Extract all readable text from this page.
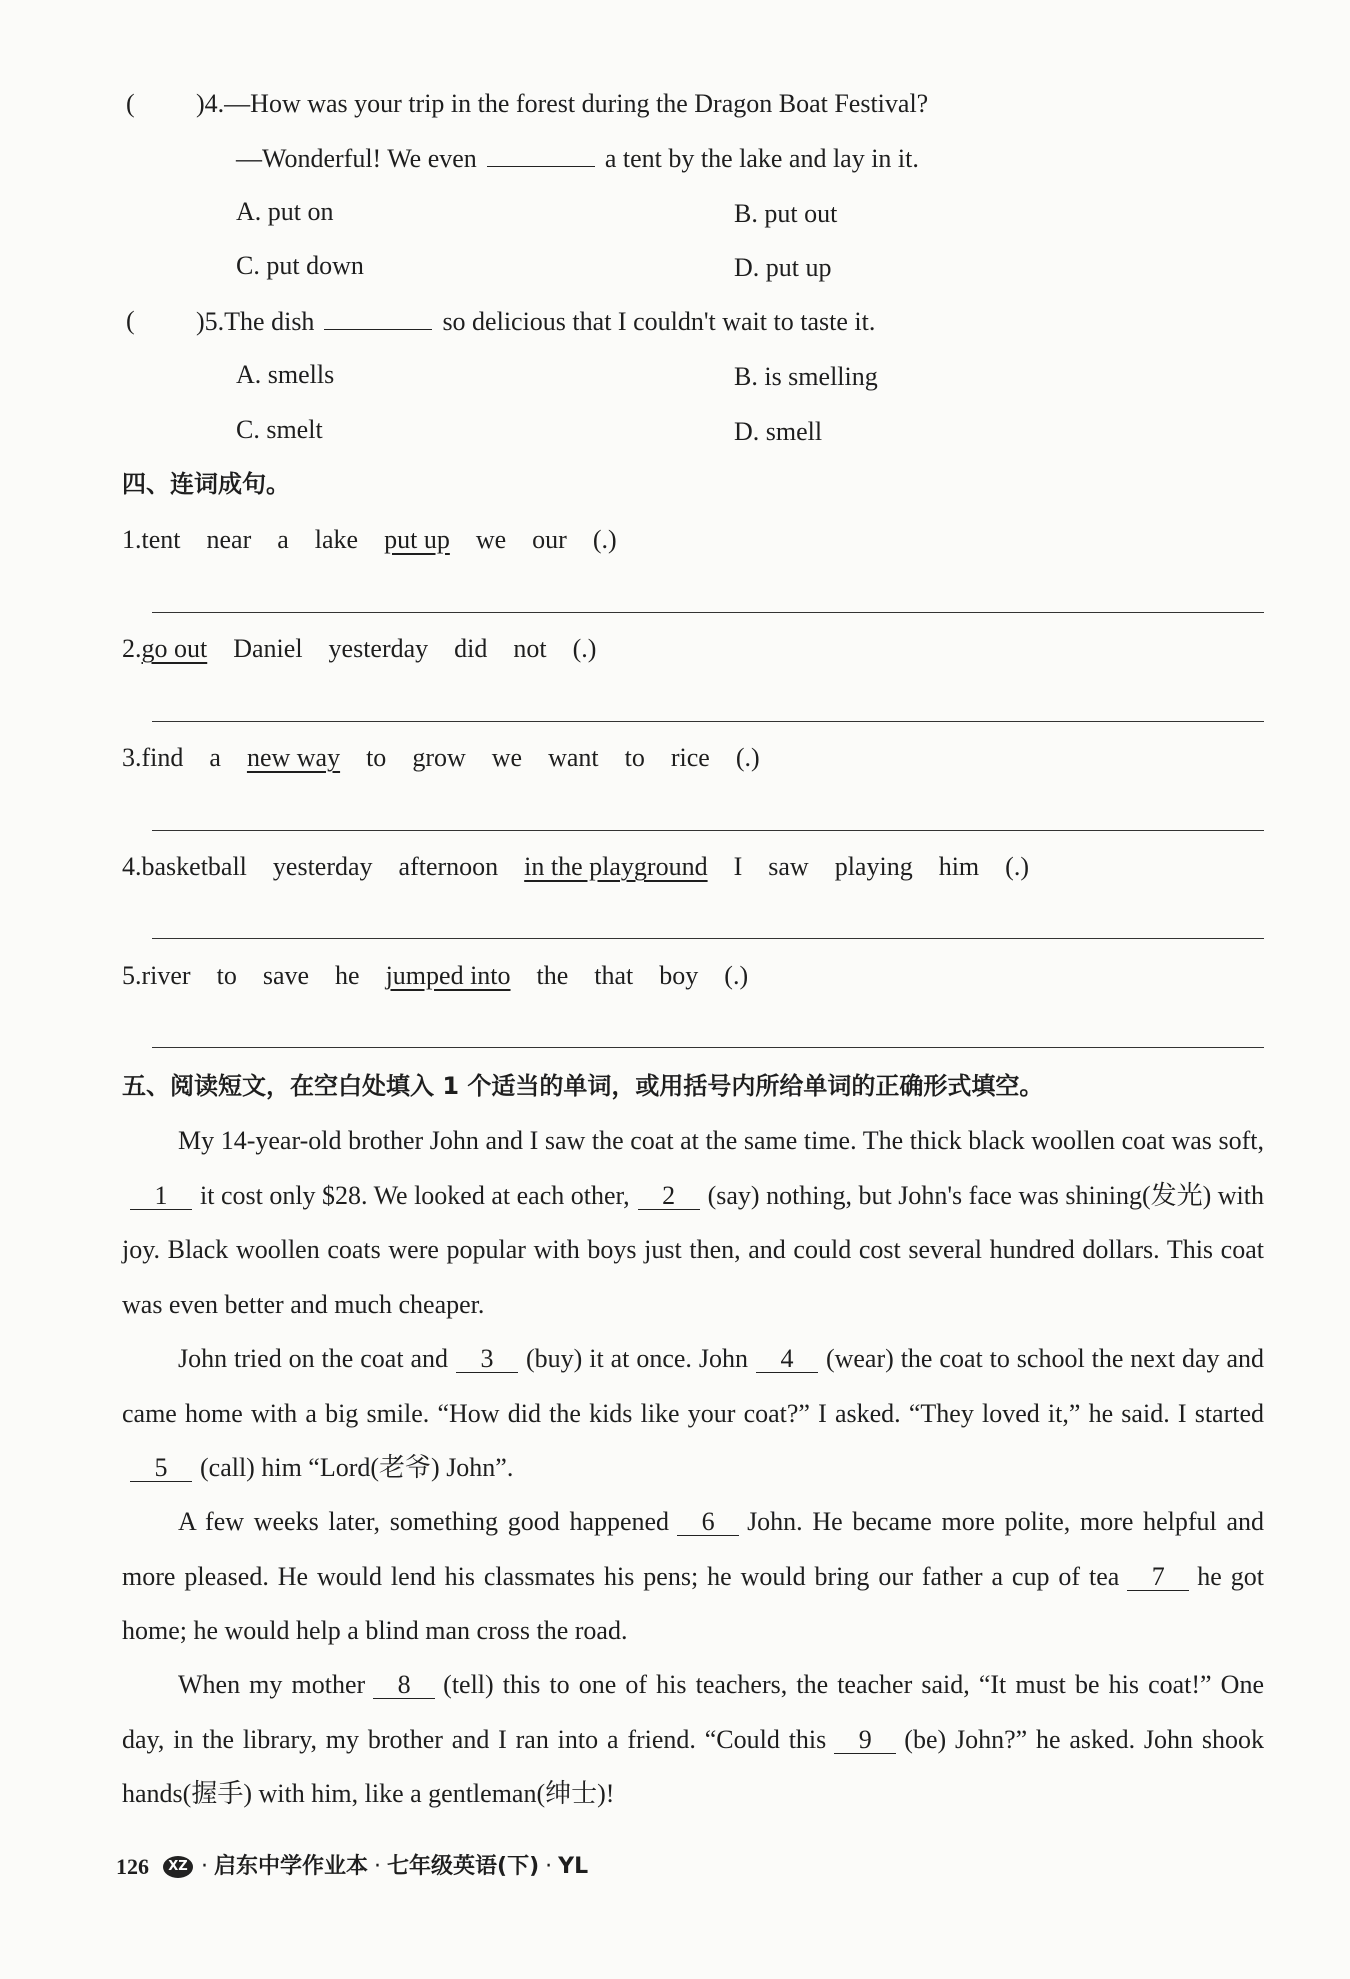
( )4.—How was your trip in the forest during the Dragon Boat Festival?
—Wonderful! We even	a tent by the lake and lay in it.
A. put on	B. put out
C. put down	D. put up
( )5.The dish	so delicious that I couldn't wait to taste it.
A. smells	B. is smelling
C. smelt	D. smell
四、连词成句。
1.tent near a lake put up we our (.)
2.go out Daniel yesterday did not (.)
3.find a new way to grow we want to rice (.)
4.basketball yesterday afternoon in the playground I saw playing him (.)
5.river to save he jumped into the that boy (.)
五、阅读短文，在空白处填入 1 个适当的单词，或用括号内所给单词的正确形式填空。
My 14-year-old brother John and I saw the coat at the same time. The thick black woollen coat was soft,1 it cost only $28. We looked at each other, 2 (say) nothing, but John's face was shining(发光) with joy. Black woollen coats were popular with boys just then, and could cost several hundred dollars. This coat was even better and much cheaper.
John tried on the coat and 3 (buy) it at once. John 4 (wear) the coat to school the next day and came home with a big smile. “How did the kids like your coat?” I asked. “They loved it,” he said. I started5 (call) him “Lord(老爷) John”.
A few weeks later, something good happened 6 John. He became more polite, more helpful and more pleased. He would lend his classmates his pens; he would bring our father a cup of tea 7 he got home; he would help a blind man cross the road.
When my mother 8 (tell) this to one of his teachers, the teacher said, “It must be his coat!” One day, in the library, my brother and I ran into a friend. “Could this 9 (be) John?” he asked. John shook hands(握手) with him, like a gentleman(绅士)!
126	XZ · 启东中学作业本 · 七年级英语(下) · YL
